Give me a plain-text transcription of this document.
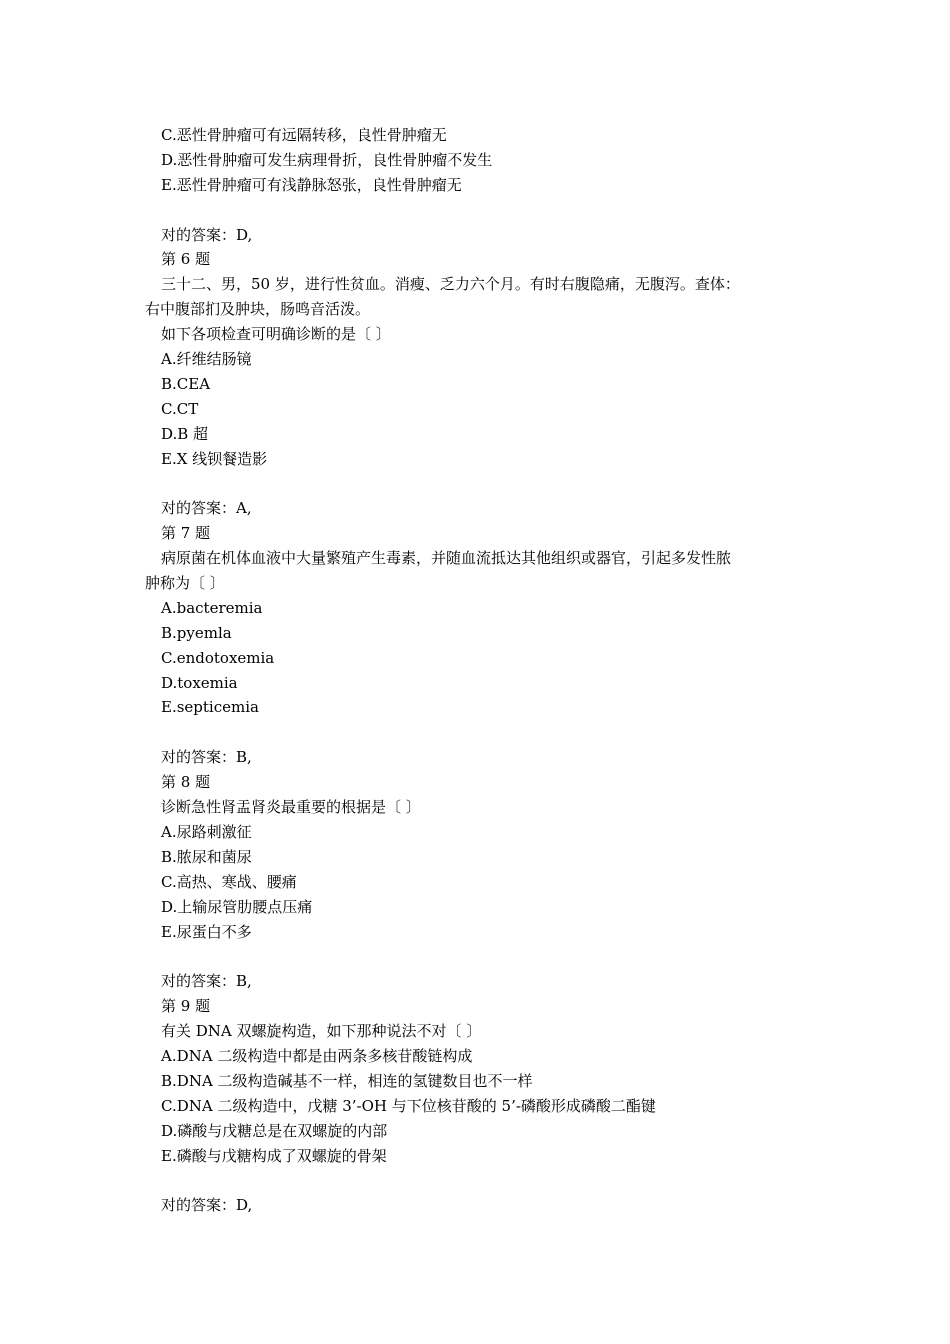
C.恶性骨肿瘤可有远隔转移，良性骨肿瘤无
D.恶性骨肿瘤可发生病理骨折，良性骨肿瘤不发生
E.恶性骨肿瘤可有浅静脉怒张，良性骨肿瘤无
对的答案：D,
第 6 题
三十二、男，50 岁，进行性贫血。消瘦、乏力六个月。有时右腹隐痛，无腹泻。查体：
右中腹部扪及肿块，肠鸣音活泼。
如下各项检查可明确诊断的是〔 〕
A.纤维结肠镜
B.CEA
C.CT
D.B 超
E.X 线钡餐造影
对的答案：A,
第 7 题
病原菌在机体血液中大量繁殖产生毒素，并随血流抵达其他组织或器官，引起多发性脓
肿称为〔 〕
A.bacteremia
B.pyemla
C.endotoxemia
D.toxemia
E.septicemia
对的答案：B,
第 8 题
诊断急性肾盂肾炎最重要的根据是〔 〕
A.尿路刺激征
B.脓尿和菌尿
C.高热、寒战、腰痛
D.上输尿管肋腰点压痛
E.尿蛋白不多
对的答案：B,
第 9 题
有关 DNA 双螺旋构造，如下那种说法不对〔 〕
A.DNA 二级构造中都是由两条多核苷酸链构成
B.DNA 二级构造碱基不一样，相连的氢键数目也不一样
C.DNA 二级构造中，戊糖 3’-OH 与下位核苷酸的 5’-磷酸形成磷酸二酯键
D.磷酸与戊糖总是在双螺旋的内部
E.磷酸与戊糖构成了双螺旋的骨架
对的答案：D,
